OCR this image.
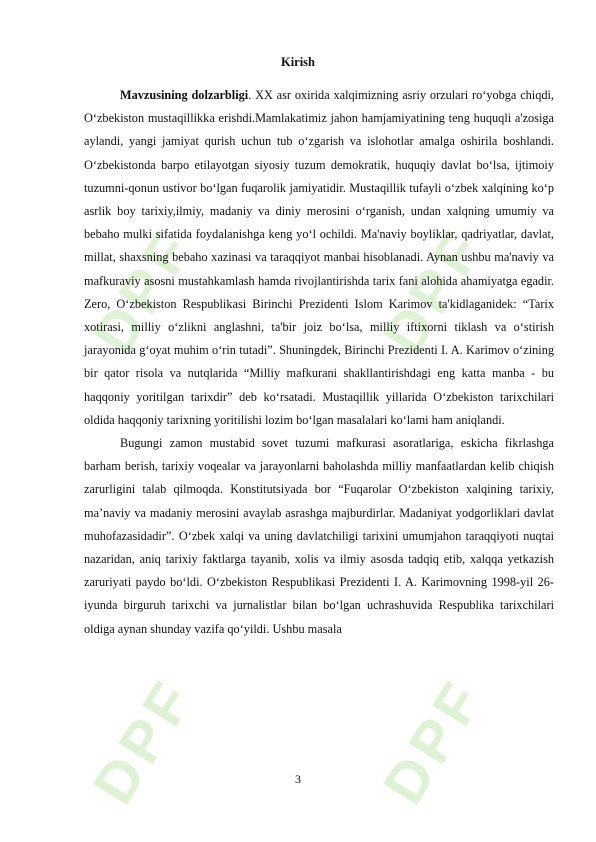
DPF
DPF
DPF
DPF
Kirish

Mavzusining dolzarbligi. XX asr oxirida xalqimizning asriy orzulari ro‘yobga chiqdi, O‘zbekiston mustaqillikka erishdi.Mamlakatimiz jahon hamjamiyatining teng huquqli a'zosiga aylandi, yangi jamiyat qurish uchun tub o‘zgarish va islohotlar amalga oshirila boshlandi. O‘zbekistonda barpo etilayotgan siyosiy tuzum demokratik, huquqiy davlat bo‘lsa, ijtimoiy tuzumni-qonun ustivor bo‘lgan fuqarolik jamiyatidir. Mustaqillik tufayli o‘zbek xalqining ko‘p asrlik boy tarixiy,ilmiy, madaniy va diniy merosini o‘rganish, undan xalqning umumiy va bebaho mulki sifatida foydalanishga keng yo‘l ochildi. Ma'naviy boyliklar, qadriyatlar, davlat, millat, shaxsning bebaho xazinasi va taraqqiyot manbai hisoblanadi. Aynan ushbu ma'naviy va mafkuraviy asosni mustahkamlash hamda rivojlantirishda tarix fani alohida ahamiyatga egadir. Zero, O‘zbekiston Respublikasi Birinchi Prezidenti Islom Karimov ta'kidlaganidek: “Tarix xotirasi, milliy o‘zlikni anglashni, ta'bir joiz bo‘lsa, milliy iftixorni tiklash va o‘stirish jarayonida g‘oyat muhim o‘rin tutadi”. Shuningdek, Birinchi Prezidenti I. A. Karimov o‘zining bir qator risola va nutqlarida “Milliy mafkurani shakllantirishdagi eng katta manba - bu haqqoniy yoritilgan tarixdir” deb ko‘rsatadi. Mustaqillik yillarida O‘zbekiston tarixchilari oldida haqqoniy tarixning yoritilishi lozim bo‘lgan masalalari ko‘lami ham aniqlandi.

Bugungi zamon mustabid sovet tuzumi mafkurasi asoratlariga, eskicha fikrlashga barham berish, tarixiy voqealar va jarayonlarni baholashda milliy manfaatlardan kelib chiqish zarurligini talab qilmoqda. Konstitutsiyada bor “Fuqarolar O‘zbekiston xalqining tarixiy, ma’naviy va madaniy merosini avaylab asrashga majburdirlar. Madaniyat yodgorliklari davlat muhofazasidadir”. O‘zbek xalqi va uning davlatchiligi tarixini umumjahon taraqqiyoti nuqtai nazaridan, aniq tarixiy faktlarga tayanib, xolis va ilmiy asosda tadqiq etib, xalqqa yetkazish zaruriyati paydo bo‘ldi. O‘zbekiston Respublikasi Prezidenti I. A. Karimovning 1998-yil 26-iyunda birguruh tarixchi va jurnalistlar bilan bo‘lgan uchrashuvida Respublika tarixchilari oldiga aynan shunday vazifa qo‘yildi. Ushbu masala

3
